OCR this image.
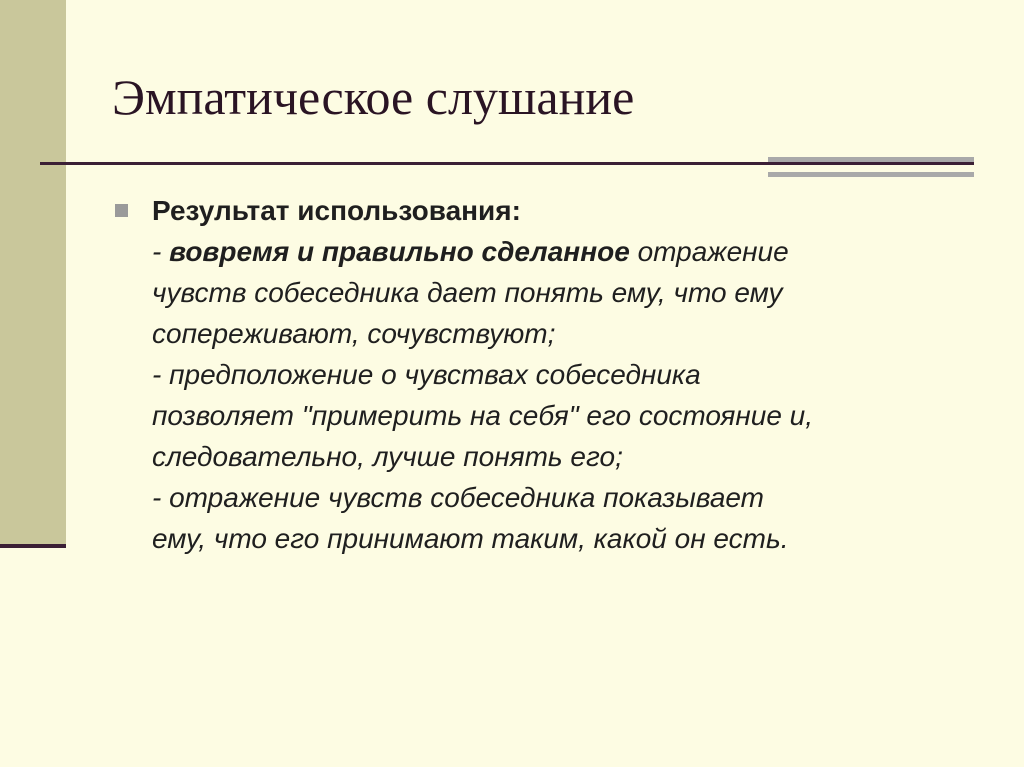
Эмпатическое слушание
Результат использования:
- вовремя и правильно сделанное отражение
чувств собеседника дает понять ему, что ему
сопереживают, сочувствуют;
- предположение о чувствах собеседника
позволяет "примерить на себя" его состояние и,
следовательно, лучше понять его;
- отражение чувств собеседника показывает
ему, что его принимают таким, какой он есть.
